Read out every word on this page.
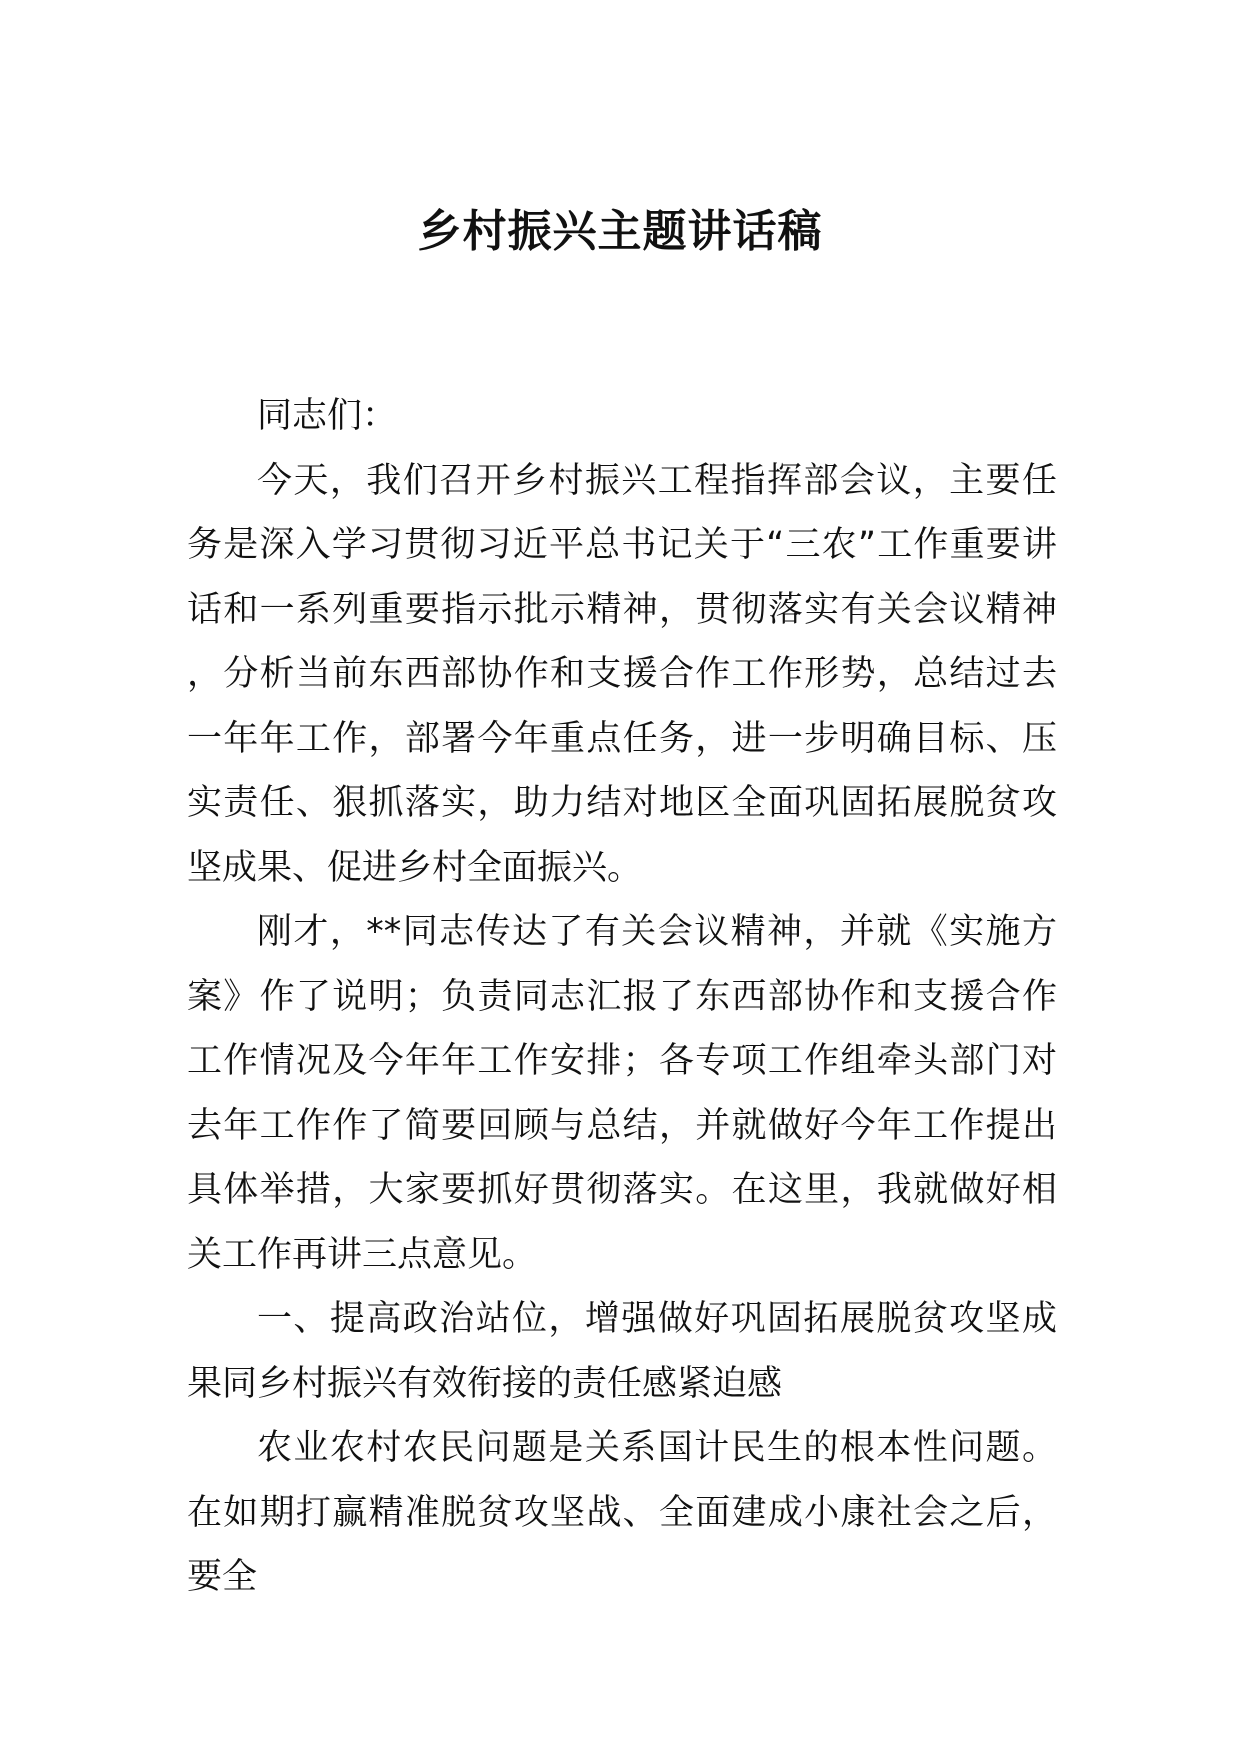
乡村振兴主题讲话稿

同志们：

今天，我们召开乡村振兴工程指挥部会议，主要任务是深入学习贯彻习近平总书记关于“三农”工作重要讲话和一系列重要指示批示精神，贯彻落实有关会议精神，分析当前东西部协作和支援合作工作形势，总结过去一年年工作，部署今年重点任务，进一步明确目标、压实责任、狠抓落实，助力结对地区全面巩固拓展脱贫攻坚成果、促进乡村全面振兴。

刚才，**同志传达了有关会议精神，并就《实施方案》作了说明；负责同志汇报了东西部协作和支援合作工作情况及今年年工作安排；各专项工作组牵头部门对去年工作作了简要回顾与总结，并就做好今年工作提出具体举措，大家要抓好贯彻落实。在这里，我就做好相关工作再讲三点意见。

一、提高政治站位，增强做好巩固拓展脱贫攻坚成果同乡村振兴有效衔接的责任感紧迫感

农业农村农民问题是关系国计民生的根本性问题。在如期打赢精准脱贫攻坚战、全面建成小康社会之后，要全
